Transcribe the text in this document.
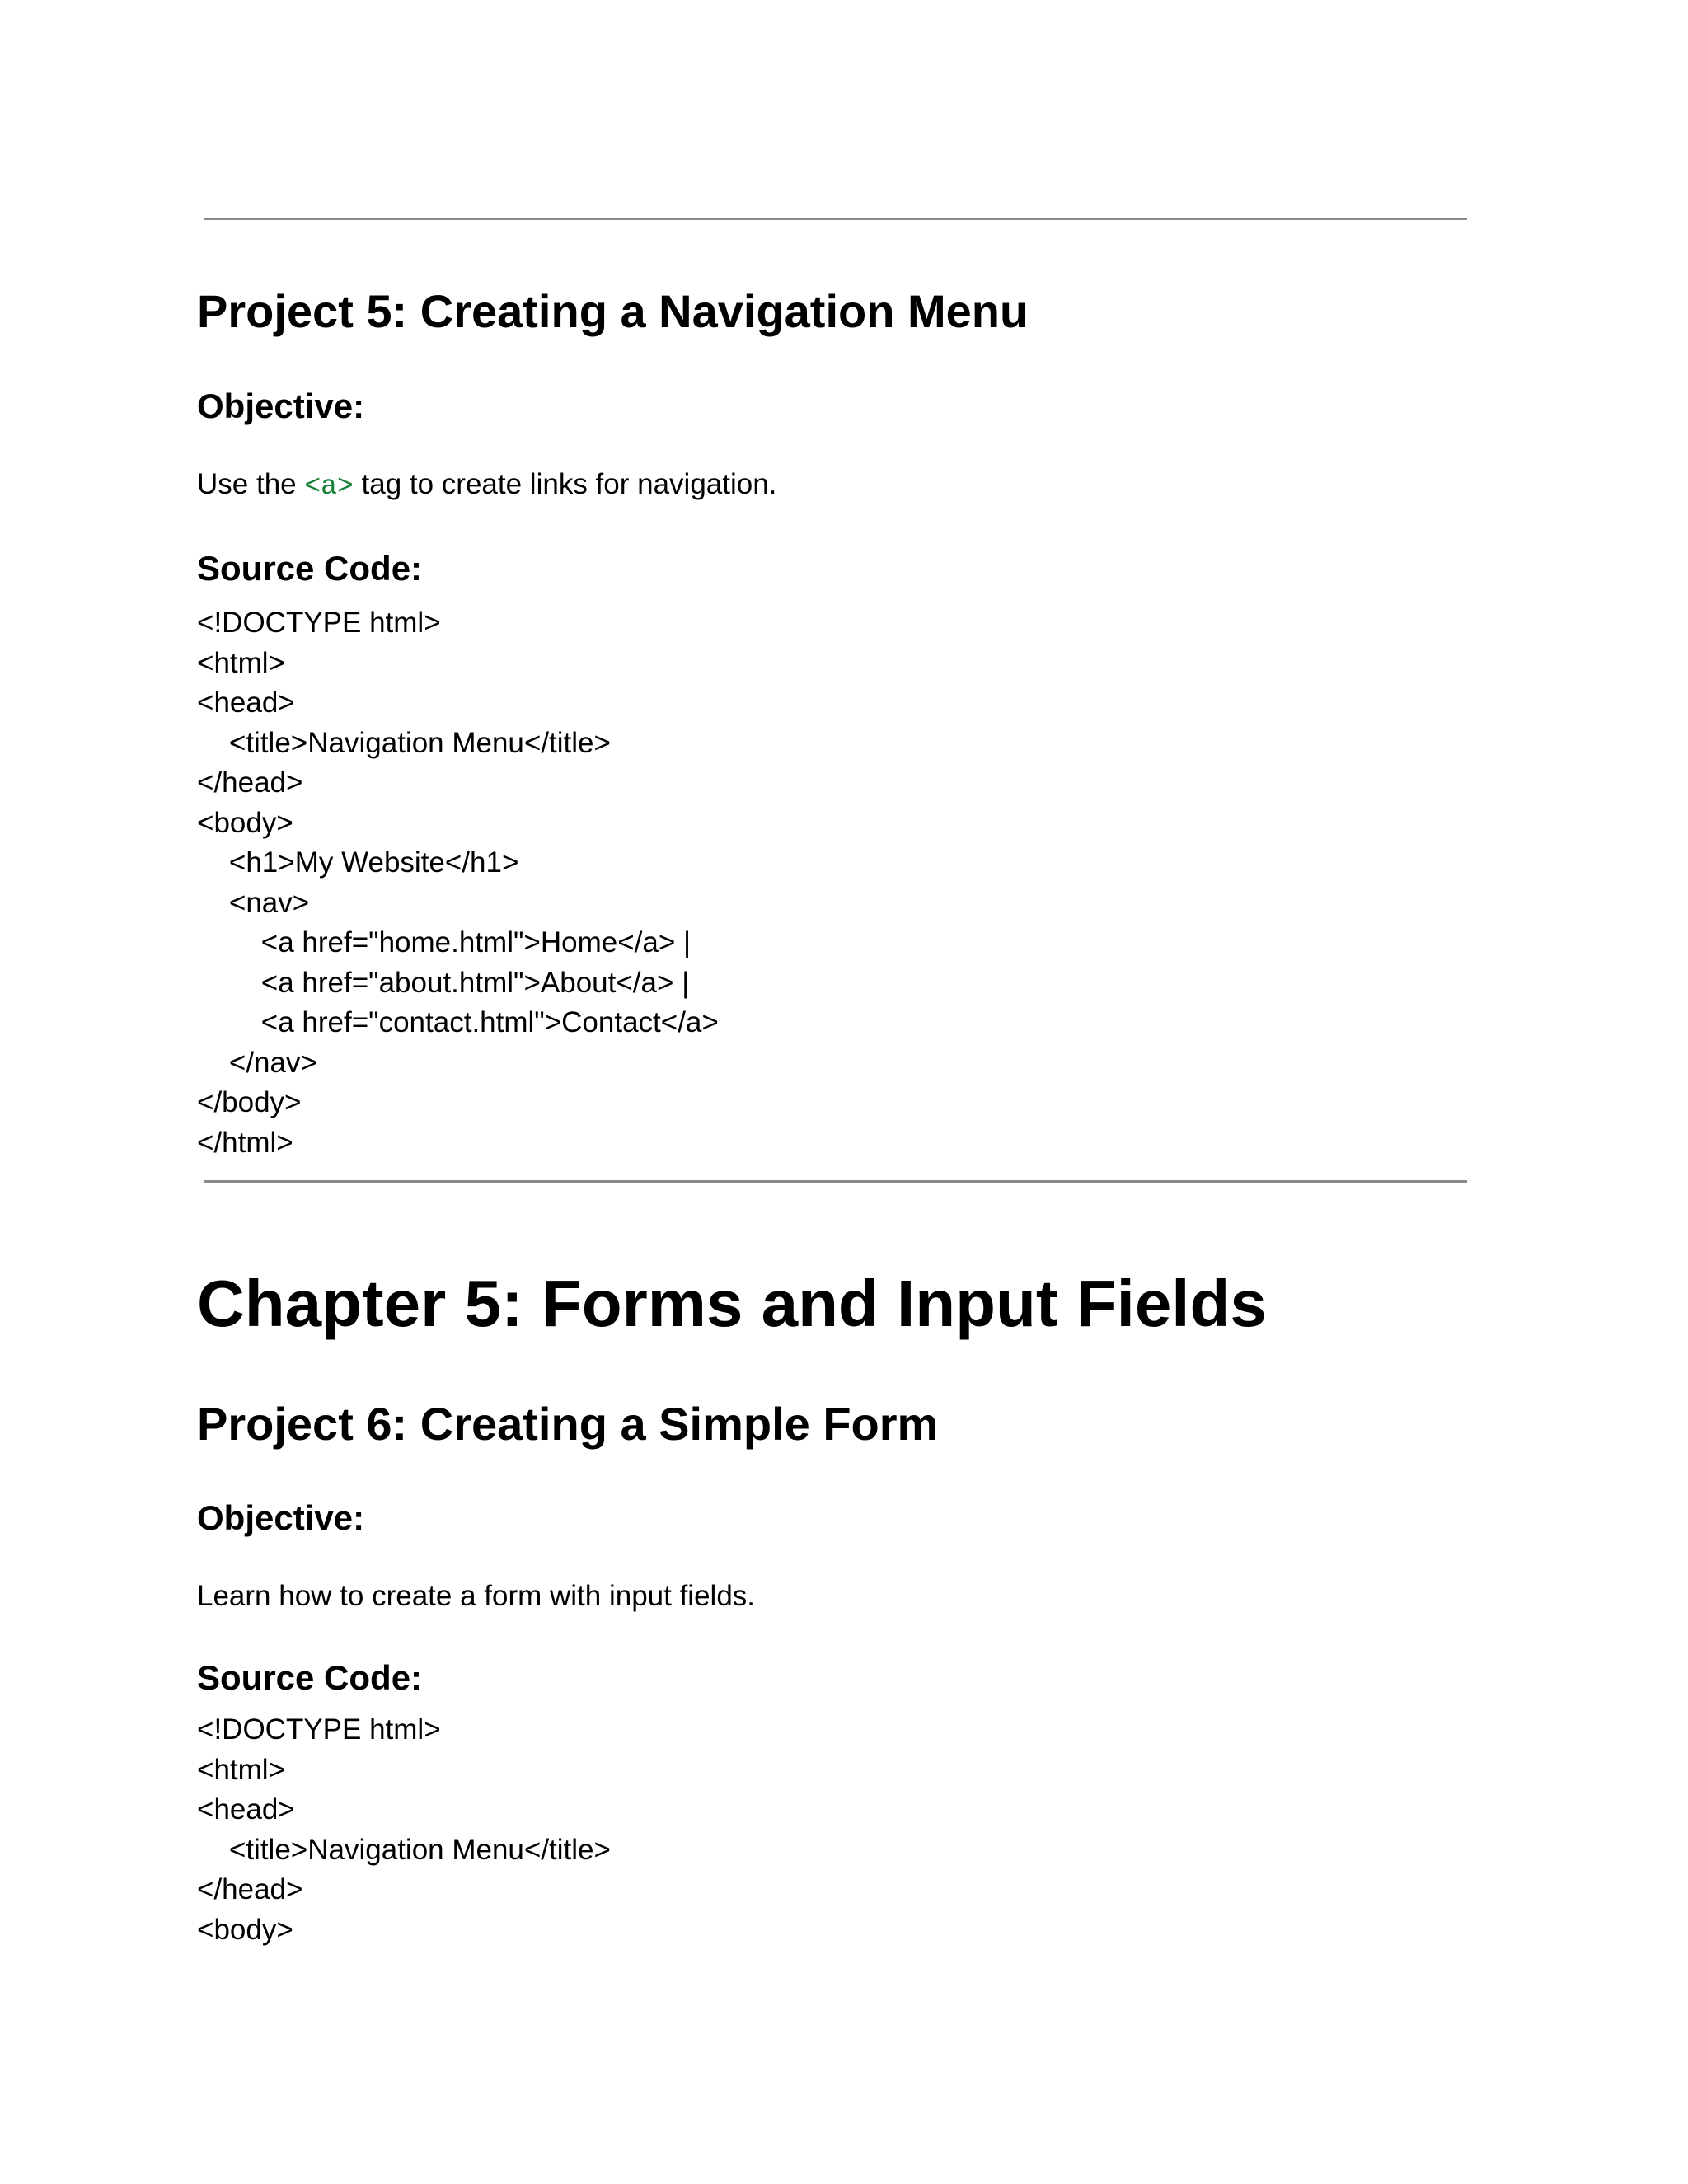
Project 5: Creating a Navigation Menu
Objective:

Use the <a> tag to create links for navigation.

Source Code:
<!DOCTYPE html>
<html>
<head>
<title>Navigation Menu</title>
</head>
<body>
<h1>My Website</h1>
<nav>
<a href="home.html">Home</a> |
<a href="about.html">About</a> |
<a href="contact.html">Contact</a>
</nav>
</body>
</html>
Chapter 5: Forms and Input Fields
Project 6: Creating a Simple Form
Objective:

Learn how to create a form with input fields.

Source Code:
<!DOCTYPE html>
<html>
<head>
<title>Navigation Menu</title>
</head>
<body>
